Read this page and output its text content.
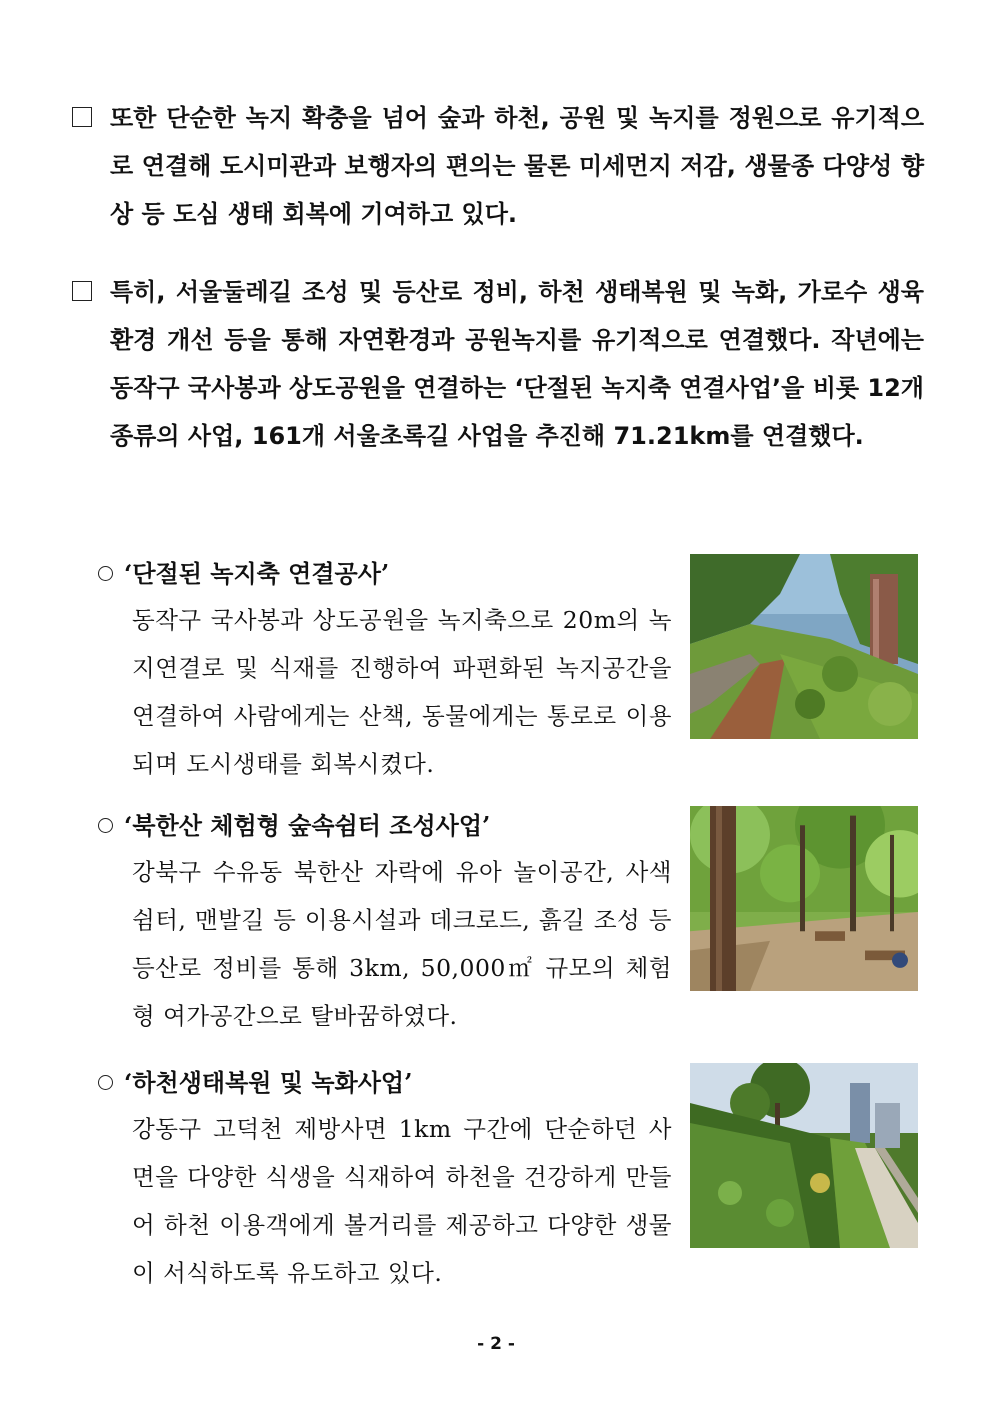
또한 단순한 녹지 확충을 넘어 숲과 하천, 공원 및 녹지를 정원으로 유기적으로 연결해 도시미관과 보행자의 편의는 물론 미세먼지 저감, 생물종 다양성 향상 등 도심 생태 회복에 기여하고 있다.
특히, 서울둘레길 조성 및 등산로 정비, 하천 생태복원 및 녹화, 가로수 생육환경 개선 등을 통해 자연환경과 공원녹지를 유기적으로 연결했다. 작년에는 동작구 국사봉과 상도공원을 연결하는 ‘단절된 녹지축 연결사업’을 비롯 12개 종류의 사업, 161개 서울초록길 사업을 추진해 71.21km를 연결했다.
‘단절된 녹지축 연결공사’
동작구 국사봉과 상도공원을 녹지축으로 20m의 녹지연결로 및 식재를 진행하여 파편화된 녹지공간을 연결하여 사람에게는 산책, 동물에게는 통로로 이용되며 도시생태를 회복시켰다.
‘북한산 체험형 숲속쉼터 조성사업’
강북구 수유동 북한산 자락에 유아 놀이공간, 사색쉼터, 맨발길 등 이용시설과 데크로드, 흙길 조성 등 등산로 정비를 통해 3km, 50,000㎡ 규모의 체험형 여가공간으로 탈바꿈하였다.
‘하천생태복원 및 녹화사업’
강동구 고덕천 제방사면 1km 구간에 단순하던 사면을 다양한 식생을 식재하여 하천을 건강하게 만들어 하천 이용객에게 볼거리를 제공하고 다양한 생물이 서식하도록 유도하고 있다.
- 2 -
